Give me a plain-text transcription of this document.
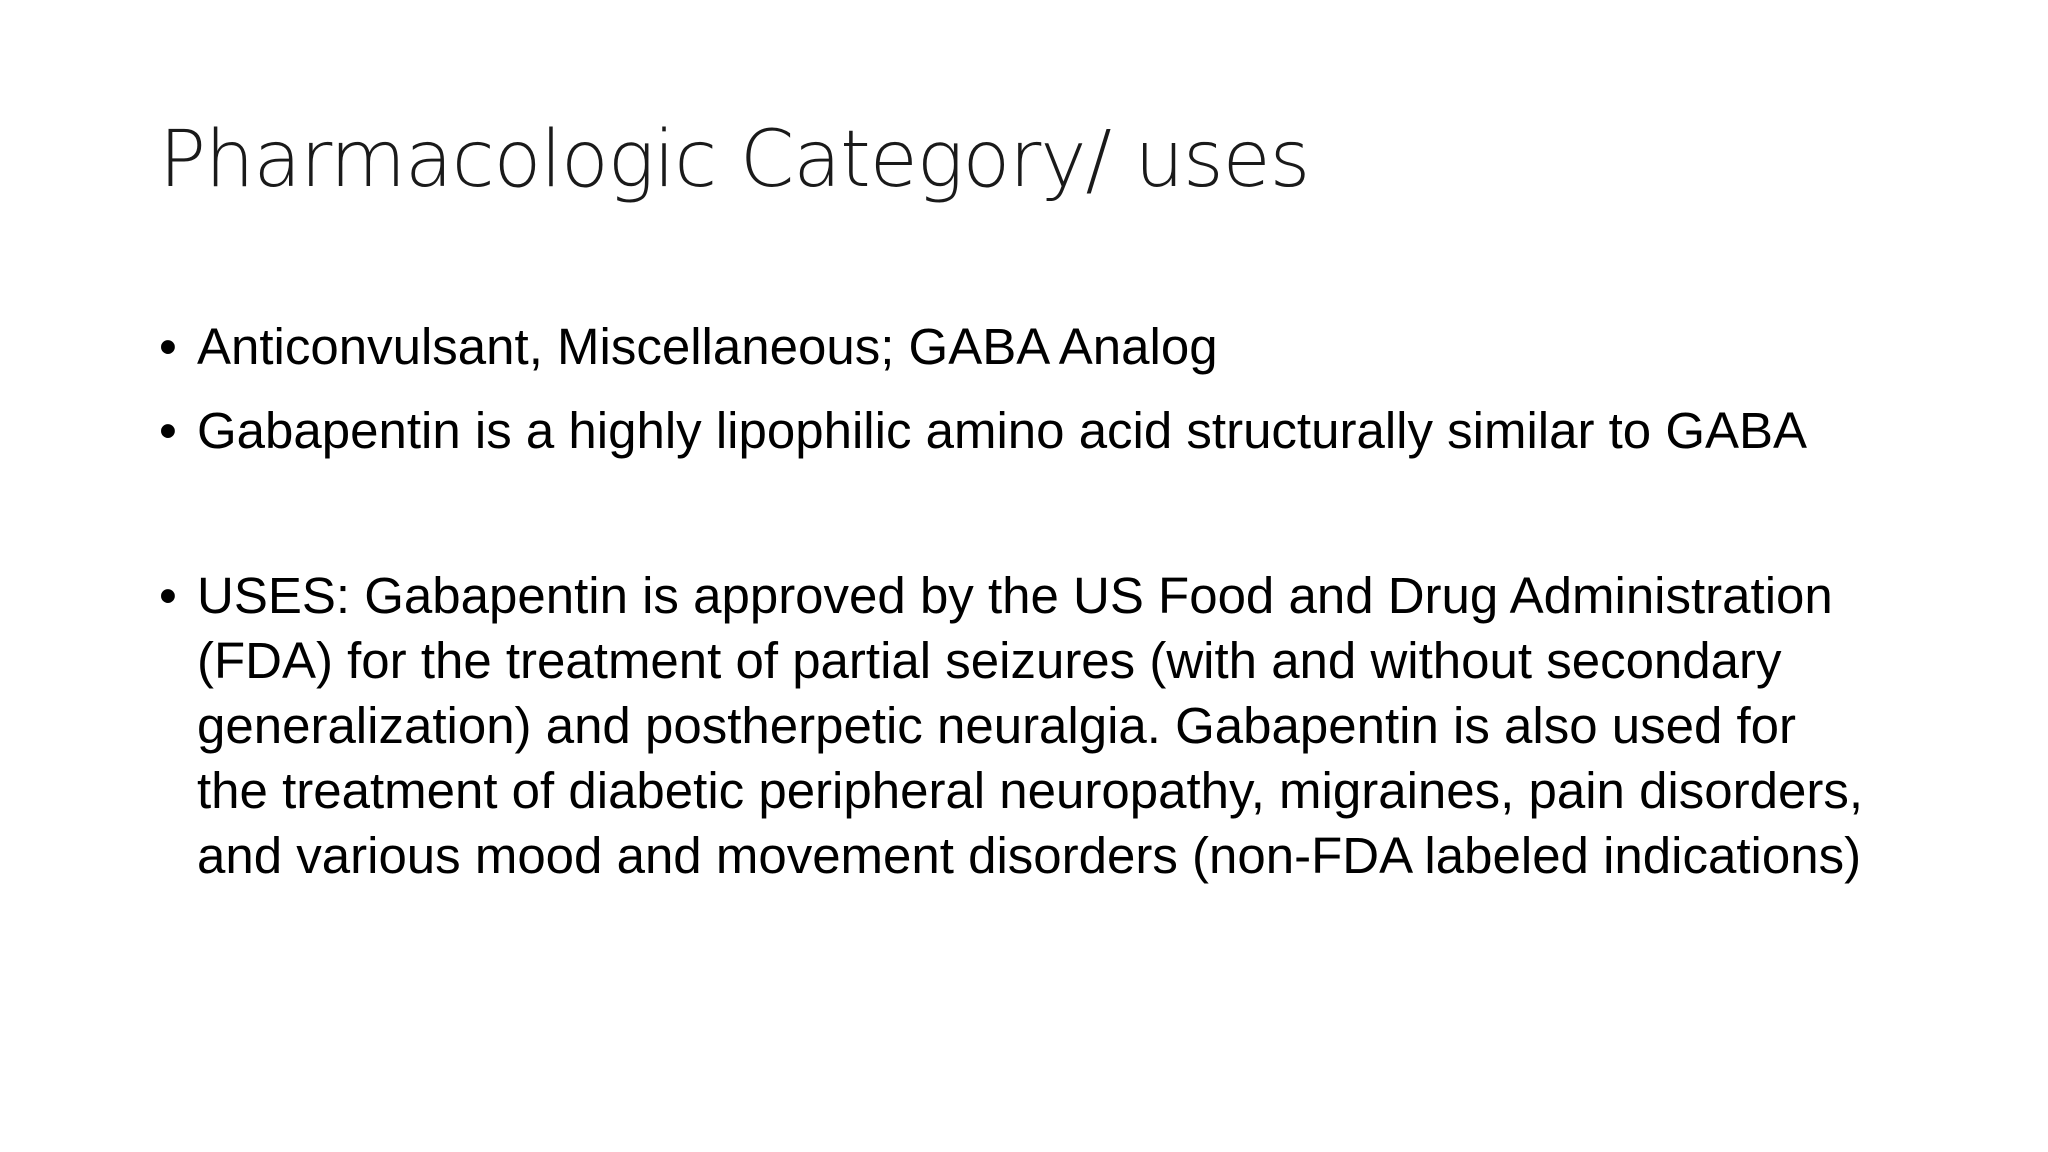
Pharmacologic Category/ uses
• Anticonvulsant, Miscellaneous; GABA Analog
• Gabapentin is a highly lipophilic amino acid structurally similar to GABA
• USES: Gabapentin is approved by the US Food and Drug Administration (FDA) for the treatment of partial seizures (with and without secondary generalization) and postherpetic neuralgia. Gabapentin is also used for the treatment of diabetic peripheral neuropathy, migraines, pain disorders, and various mood and movement disorders (non-FDA labeled indications)
